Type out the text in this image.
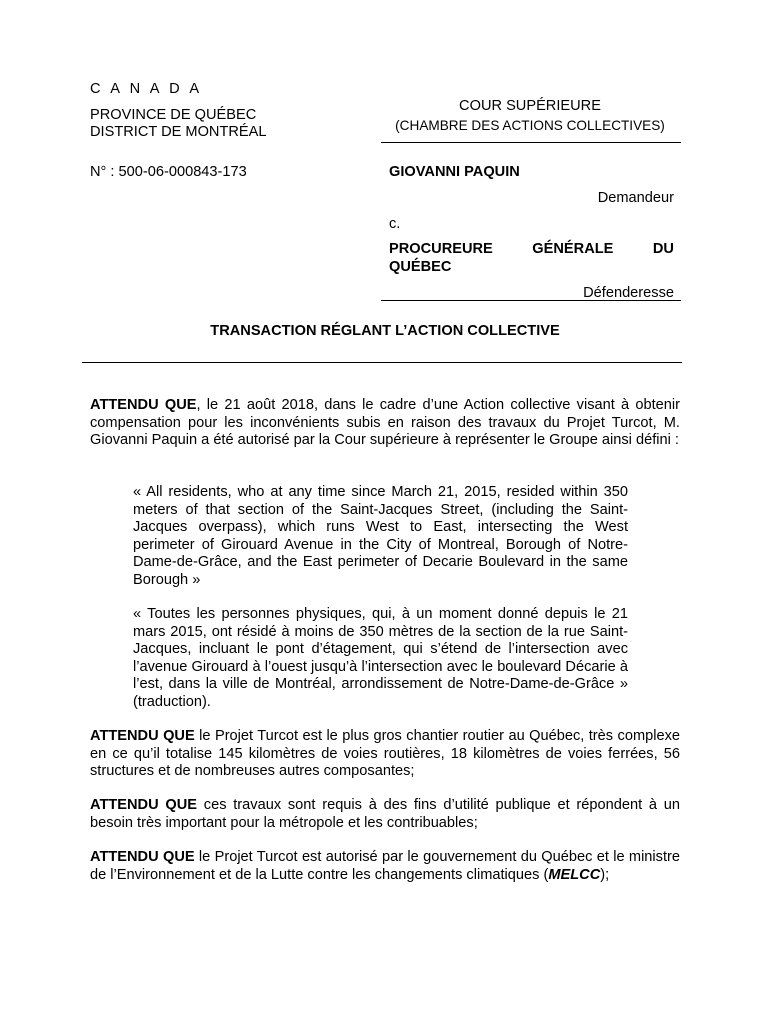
C A N A D A
PROVINCE DE QUÉBEC
DISTRICT DE MONTRÉAL
N° : 500-06-000843-173
COUR SUPÉRIEURE
(CHAMBRE DES ACTIONS COLLECTIVES)
GIOVANNI PAQUIN
Demandeur
c.
PROCUREURE	GÉNÉRALE	DU
QUÉBEC
Défenderesse
TRANSACTION RÉGLANT L’ACTION COLLECTIVE
ATTENDU QUE, le 21 août 2018, dans le cadre d’une Action collective visant à obtenir compensation pour les inconvénients subis en raison des travaux du Projet Turcot, M. Giovanni Paquin a été autorisé par la Cour supérieure à représenter le Groupe ainsi défini :
« All residents, who at any time since March 21, 2015, resided within 350 meters of that section of the Saint-Jacques Street, (including the Saint-Jacques overpass), which runs West to East, intersecting the West perimeter of Girouard Avenue in the City of Montreal, Borough of Notre-Dame-de-Grâce, and the East perimeter of Decarie Boulevard in the same Borough »
« Toutes les personnes physiques, qui, à un moment donné depuis le 21 mars 2015, ont résidé à moins de 350 mètres de la section de la rue Saint-Jacques, incluant le pont d’étagement, qui s’étend de l’intersection avec l’avenue Girouard à l’ouest jusqu’à l’intersection avec le boulevard Décarie à l’est, dans la ville de Montréal, arrondissement de Notre-Dame-de-Grâce » (traduction).
ATTENDU QUE le Projet Turcot est le plus gros chantier routier au Québec, très complexe en ce qu’il totalise 145 kilomètres de voies routières, 18 kilomètres de voies ferrées, 56 structures et de nombreuses autres composantes;
ATTENDU QUE ces travaux sont requis à des fins d’utilité publique et répondent à un besoin très important pour la métropole et les contribuables;
ATTENDU QUE le Projet Turcot est autorisé par le gouvernement du Québec et le ministre de l’Environnement et de la Lutte contre les changements climatiques (MELCC);
